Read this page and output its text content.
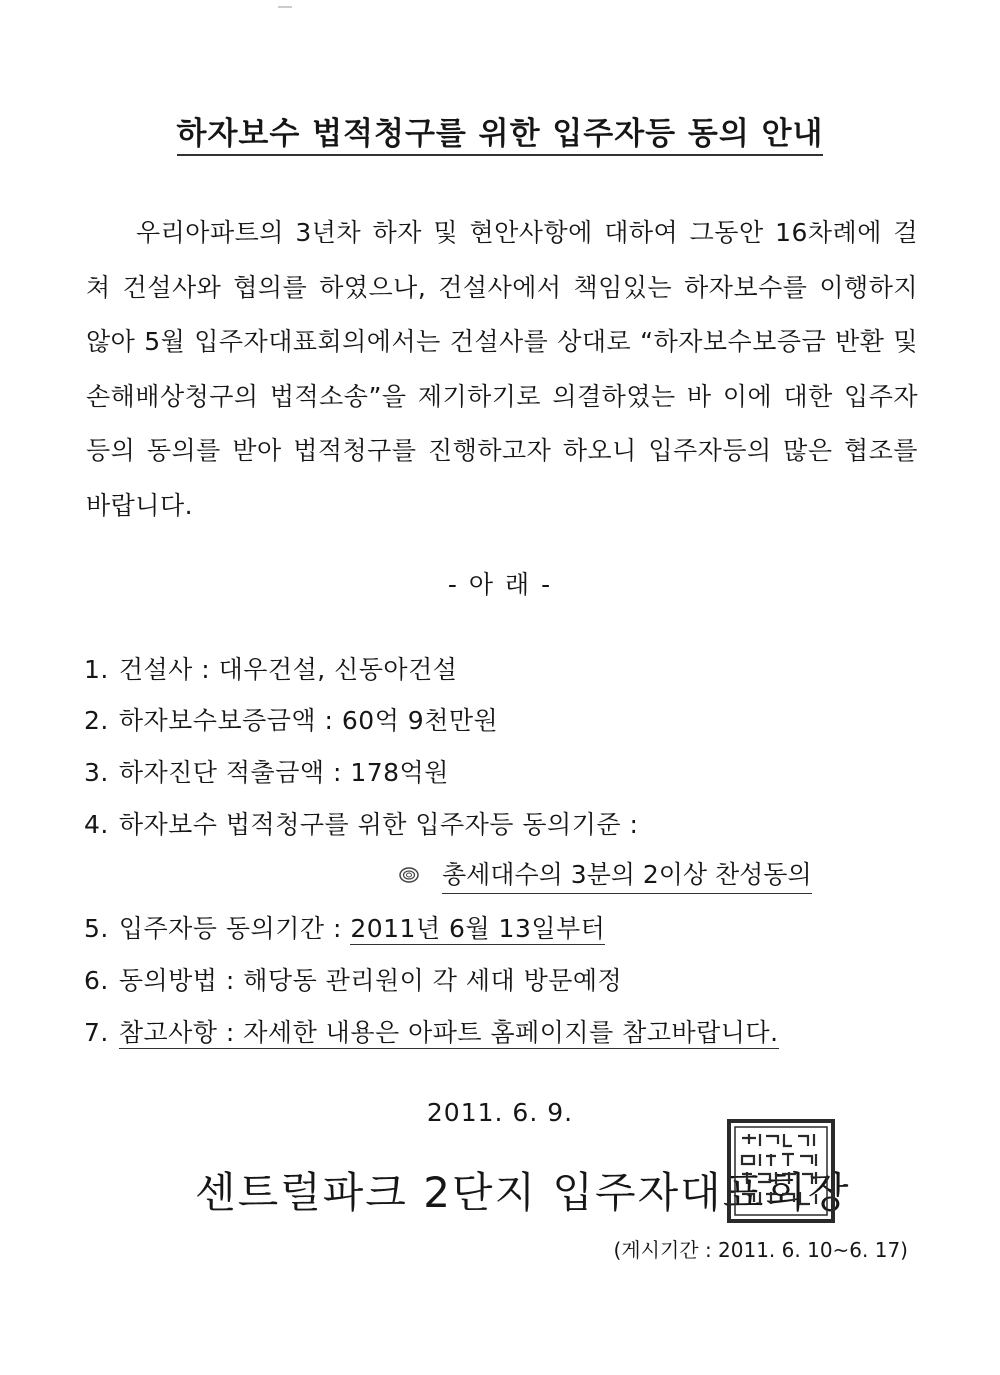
하자보수 법적청구를 위한 입주자등 동의 안내
우리아파트의 3년차 하자 및 현안사항에 대하여 그동안 16차례에 걸쳐 건설사와 협의를 하였으나, 건설사에서 책임있는 하자보수를 이행하지 않아 5월 입주자대표회의에서는 건설사를 상대로 “하자보수보증금 반환 및 손해배상청구의 법적소송”을 제기하기로 의결하였는 바 이에 대한 입주자등의 동의를 받아 법적청구를 진행하고자 하오니 입주자등의 많은 협조를 바랍니다.
- 아 래 -
1. 건설사 : 대우건설, 신동아건설
2. 하자보수보증금액 : 60억 9천만원
3. 하자진단 적출금액 : 178억원
4. 하자보수 법적청구를 위한 입주자등 동의기준 :
총세대수의 3분의 2이상 찬성동의
5. 입주자등 동의기간 : 2011년 6월 13일부터
6. 동의방법 : 해당동 관리원이 각 세대 방문예정
7. 참고사항 : 자세한 내용은 아파트 홈페이지를 참고바랍니다.
2011. 6. 9.
센트럴파크 2단지 입주자대표회장
(게시기간 : 2011. 6. 10~6. 17)
